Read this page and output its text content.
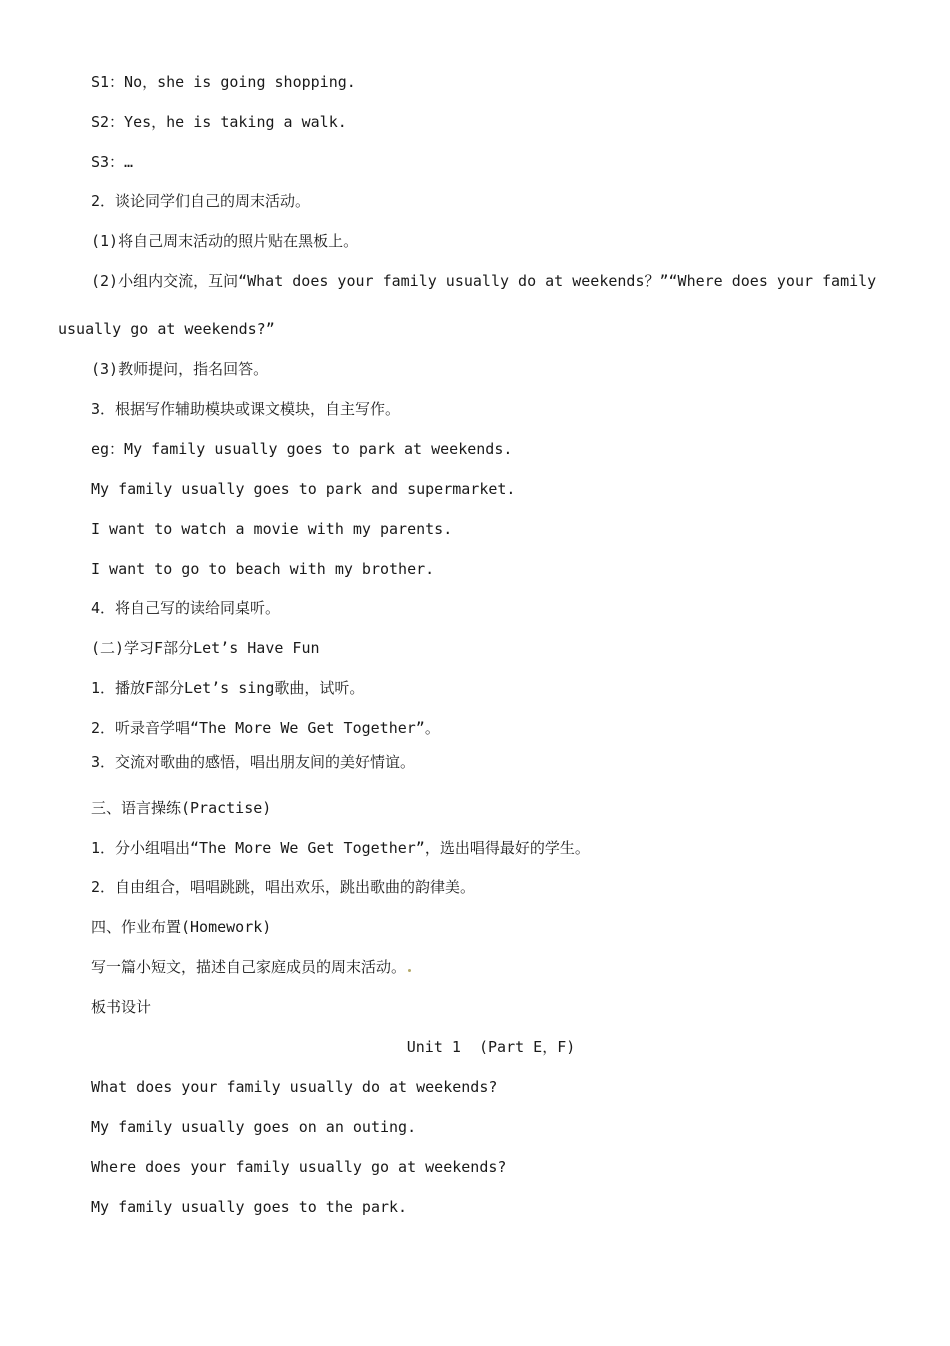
S1：No，she is going shopping.
S2：Yes，he is taking a walk.
S3：…
2．谈论同学们自己的周末活动。
(1)将自己周末活动的照片贴在黑板上。
(2)小组内交流，互问“What does your family usually do at weekends？”“Where does your family
usually go at weekends?”
(3)教师提问，指名回答。
3．根据写作辅助模块或课文模块，自主写作。
eg：My family usually goes to park at weekends.
My family usually goes to park and supermarket.
I want to watch a movie with my parents.
I want to go to beach with my brother.
4．将自己写的读给同桌听。
(二)学习F部分Let’s Have Fun
1．播放F部分Let’s sing歌曲，试听。
2．听录音学唱“The More We Get Together”。
3．交流对歌曲的感悟，唱出朋友间的美好情谊。
三、语言操练(Practise)
1．分小组唱出“The More We Get Together”，选出唱得最好的学生。
2．自由组合，唱唱跳跳，唱出欢乐，跳出歌曲的韵律美。
四、作业布置(Homework)
写一篇小短文，描述自己家庭成员的周末活动。
板书设计
Unit 1  (Part E，F)
What does your family usually do at weekends?
My family usually goes on an outing.
Where does your family usually go at weekends?
My family usually goes to the park.
